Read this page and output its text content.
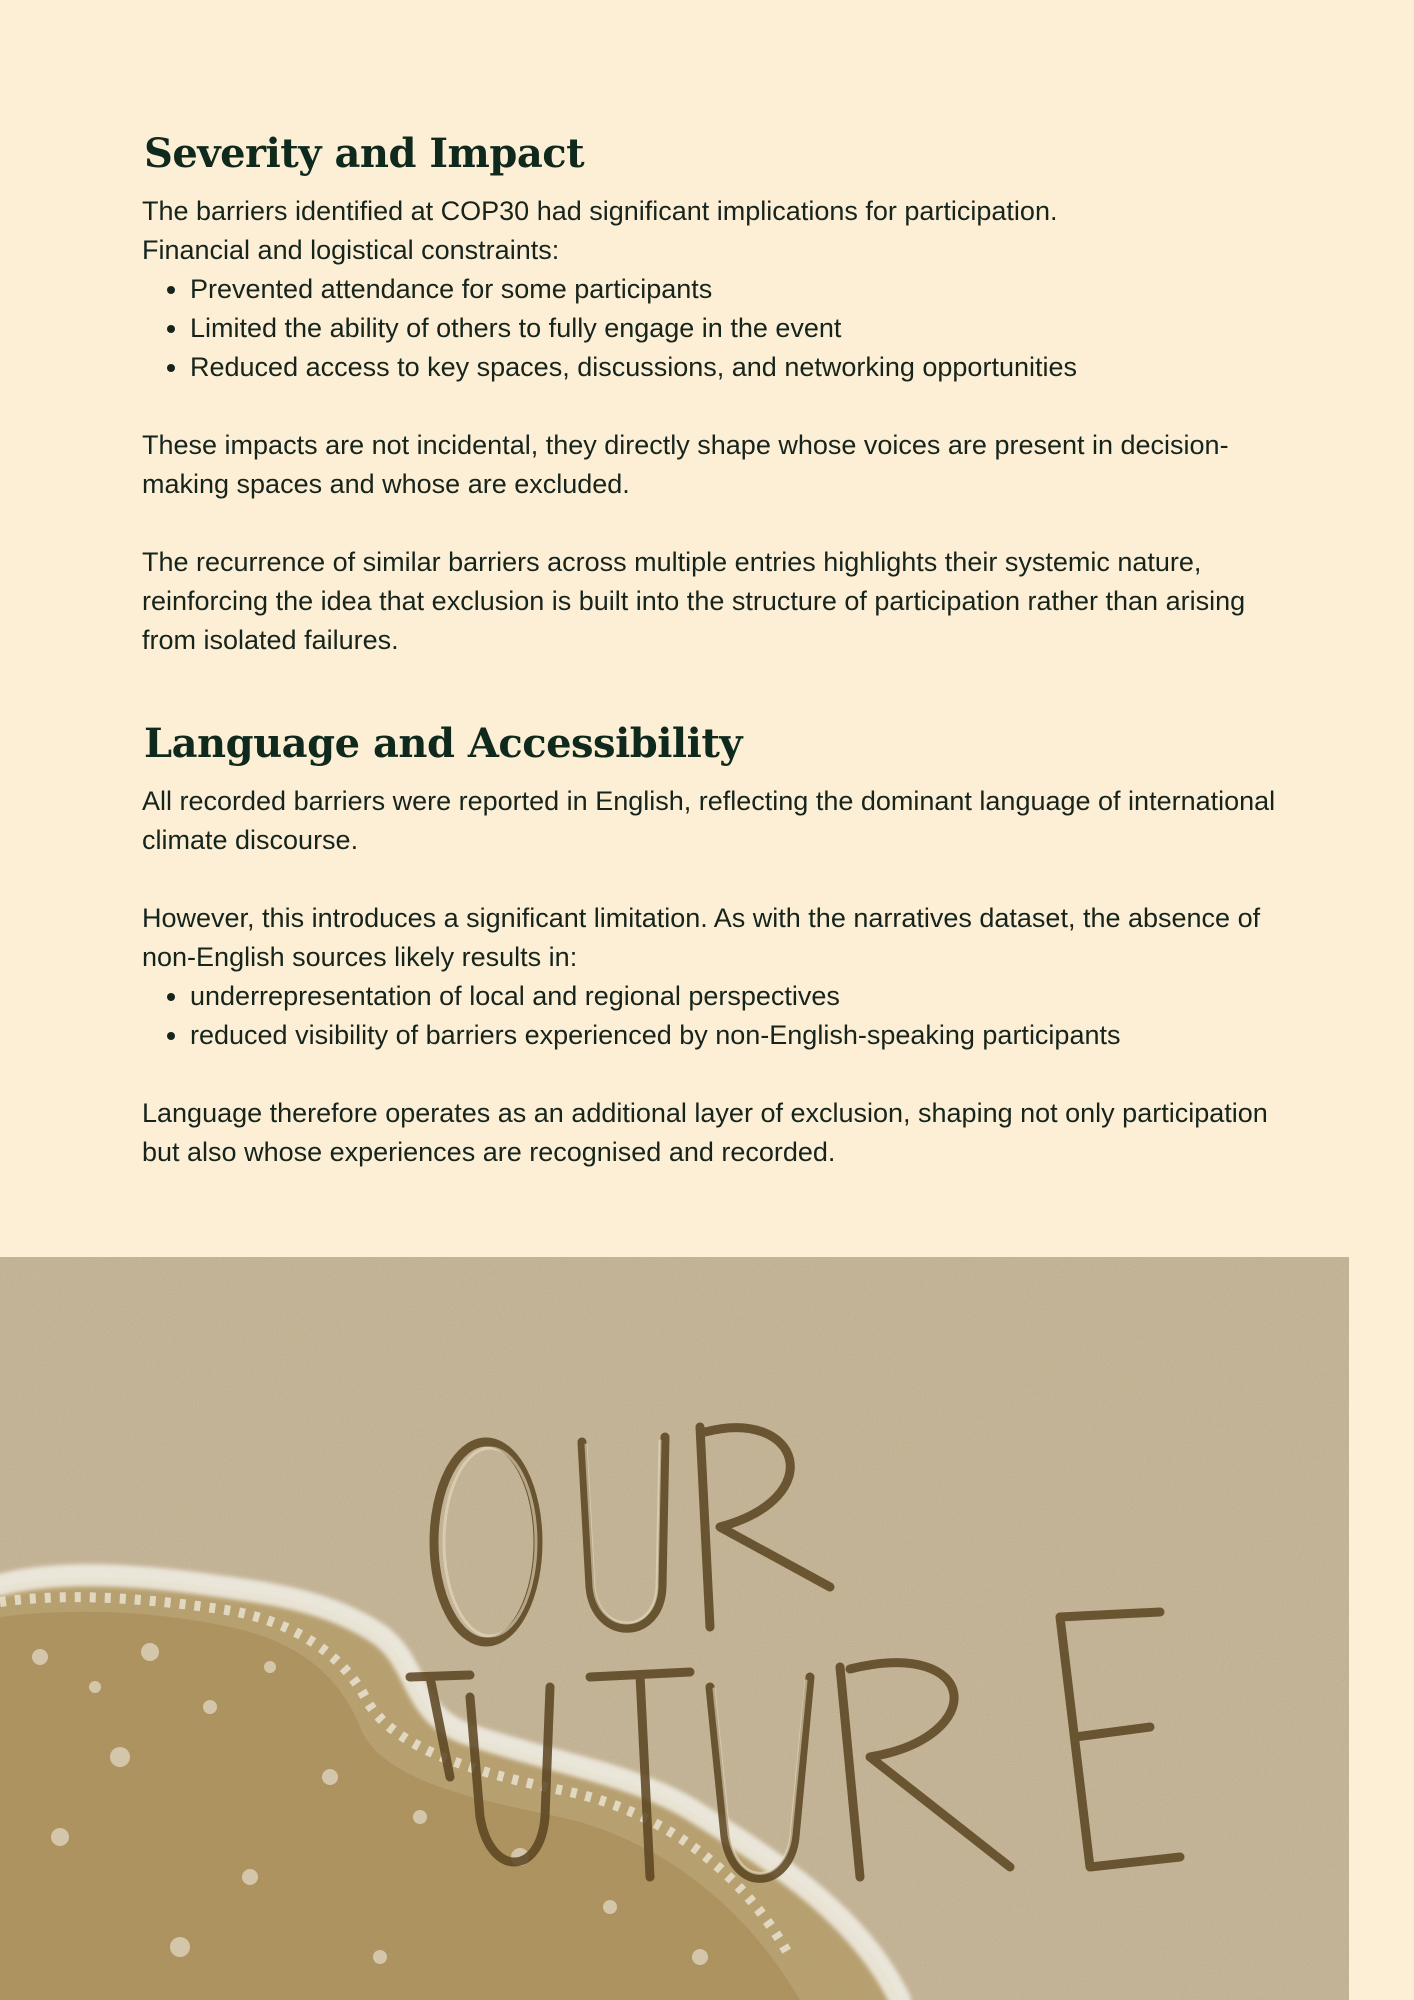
Severity and Impact

The barriers identified at COP30 had significant implications for participation.

Financial and logistical constraints:

• Prevented attendance for some participants
• Limited the ability of others to fully engage in the event
• Reduced access to key spaces, discussions, and networking opportunities

These impacts are not incidental, they directly shape whose voices are present in decision-making spaces and whose are excluded.

The recurrence of similar barriers across multiple entries highlights their systemic nature, reinforcing the idea that exclusion is built into the structure of participation rather than arising from isolated failures.

Language and Accessibility

All recorded barriers were reported in English, reflecting the dominant language of international climate discourse.

However, this introduces a significant limitation. As with the narratives dataset, the absence of non-English sources likely results in:

• underrepresentation of local and regional perspectives
• reduced visibility of barriers experienced by non-English-speaking participants

Language therefore operates as an additional layer of exclusion, shaping not only participation but also whose experiences are recognised and recorded.
